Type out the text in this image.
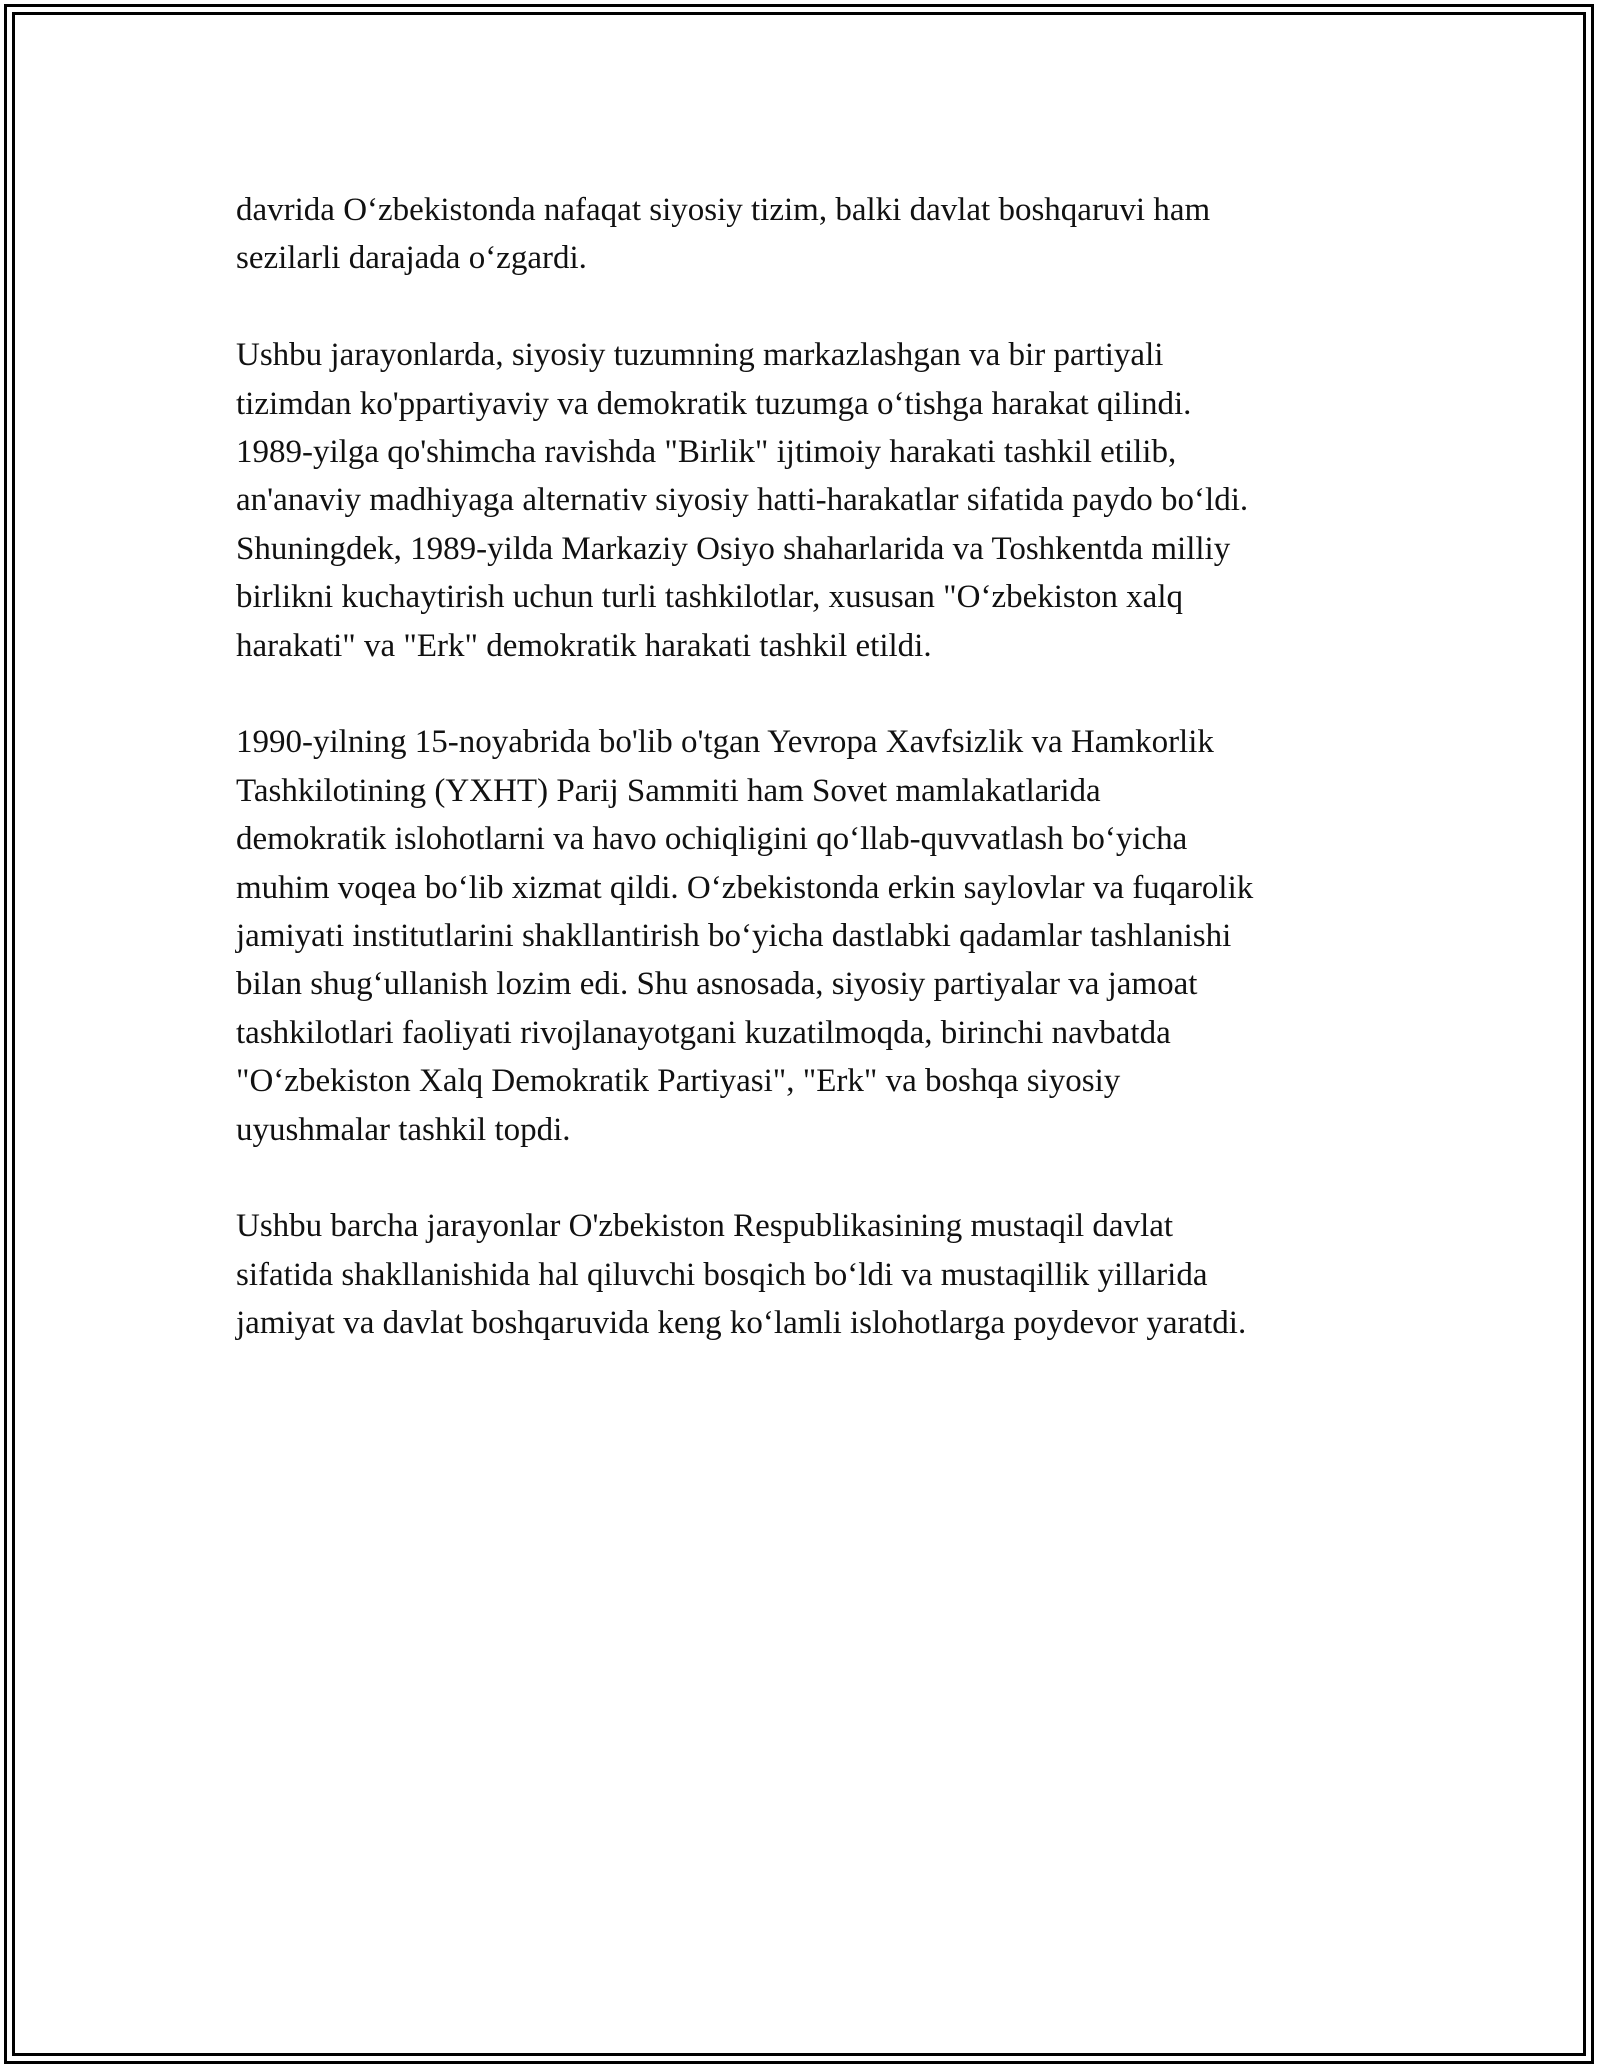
davrida O‘zbekistonda nafaqat siyosiy tizim, balki davlat boshqaruvi ham
sezilarli darajada o‘zgardi.

Ushbu jarayonlarda, siyosiy tuzumning markazlashgan va bir partiyali
tizimdan ko'ppartiyaviy va demokratik tuzumga o‘tishga harakat qilindi.
1989-yilga qo'shimcha ravishda "Birlik" ijtimoiy harakati tashkil etilib,
an'anaviy madhiyaga alternativ siyosiy hatti-harakatlar sifatida paydo bo‘ldi.
Shuningdek, 1989-yilda Markaziy Osiyo shaharlarida va Toshkentda milliy
birlikni kuchaytirish uchun turli tashkilotlar, xususan "O‘zbekiston xalq
harakati" va "Erk" demokratik harakati tashkil etildi.

1990-yilning 15-noyabrida bo'lib o'tgan Yevropa Xavfsizlik va Hamkorlik
Tashkilotining (YXHT) Parij Sammiti ham Sovet mamlakatlarida
demokratik islohotlarni va havo ochiqligini qo‘llab-quvvatlash bo‘yicha
muhim voqea bo‘lib xizmat qildi. O‘zbekistonda erkin saylovlar va fuqarolik
jamiyati institutlarini shakllantirish bo‘yicha dastlabki qadamlar tashlanishi
bilan shug‘ullanish lozim edi. Shu asnosada, siyosiy partiyalar va jamoat
tashkilotlari faoliyati rivojlanayotgani kuzatilmoqda, birinchi navbatda
"O‘zbekiston Xalq Demokratik Partiyasi", "Erk" va boshqa siyosiy
uyushmalar tashkil topdi.

Ushbu barcha jarayonlar O'zbekiston Respublikasining mustaqil davlat
sifatida shakllanishida hal qiluvchi bosqich bo‘ldi va mustaqillik yillarida
jamiyat va davlat boshqaruvida keng ko‘lamli islohotlarga poydevor yaratdi.
